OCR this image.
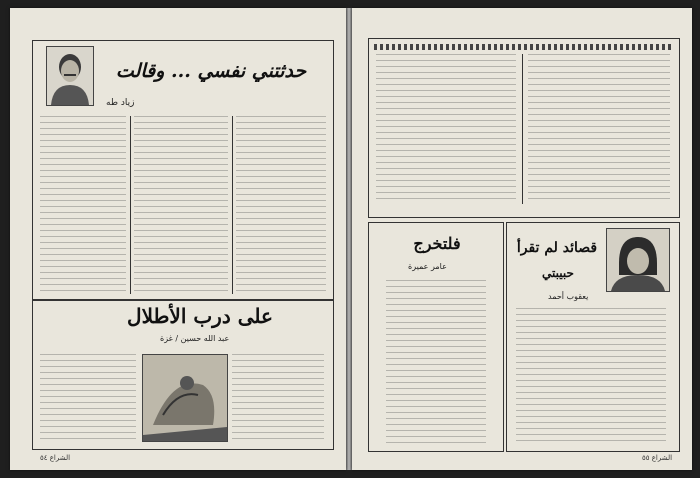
زياد طه
حدثتني نفسي ... وقالت
على درب الأطلال
عبد الله حسين / غزة
الشراع ٥٤
فلتخرج
عامر عميرة
قصائد لم تقرأ
حبيبتي
يعقوب أحمد
الشراع ٥٥
